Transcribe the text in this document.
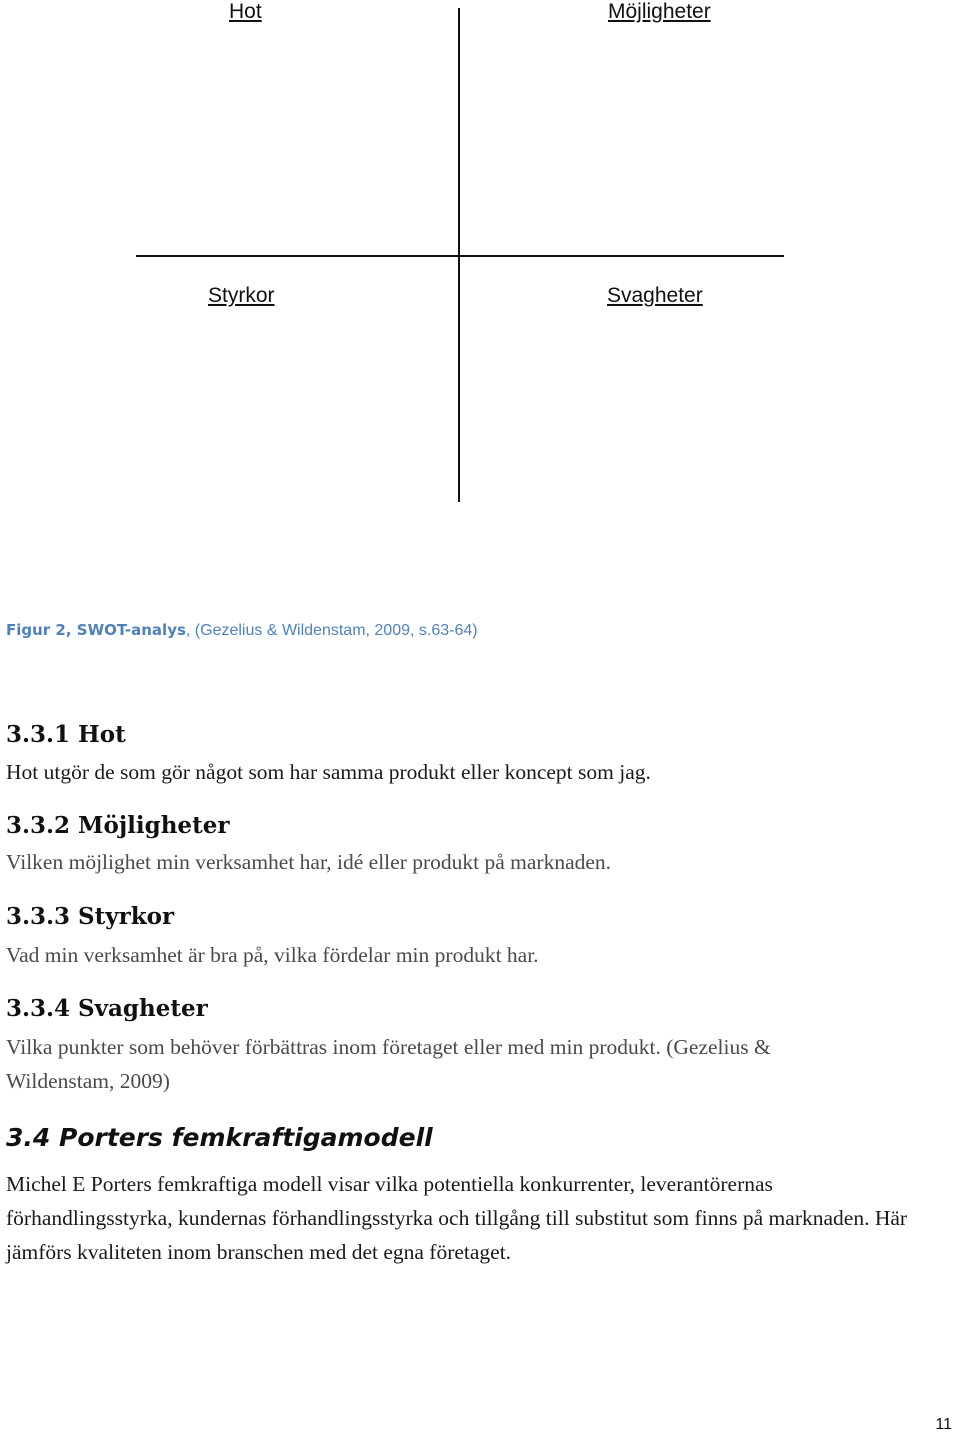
Hot	Möjligheter
Styrkor	Svagheter
Figur 2, SWOT-analys, (Gezelius & Wildenstam, 2009, s.63-64)
3.3.1 Hot
Hot utgör de som gör något som har samma produkt eller koncept som jag.
3.3.2 Möjligheter
Vilken möjlighet min verksamhet har, idé eller produkt på marknaden.
3.3.3 Styrkor
Vad min verksamhet är bra på, vilka fördelar min produkt har.
3.3.4 Svagheter
Vilka punkter som behöver förbättras inom företaget eller med min produkt. (Gezelius &
Wildenstam, 2009)
3.4 Porters femkraftigamodell
Michel E Porters femkraftiga modell visar vilka potentiella konkurrenter, leverantörernas förhandlingsstyrka, kundernas förhandlingsstyrka och tillgång till substitut som finns på marknaden. Här jämförs kvaliteten inom branschen med det egna företaget.
11
